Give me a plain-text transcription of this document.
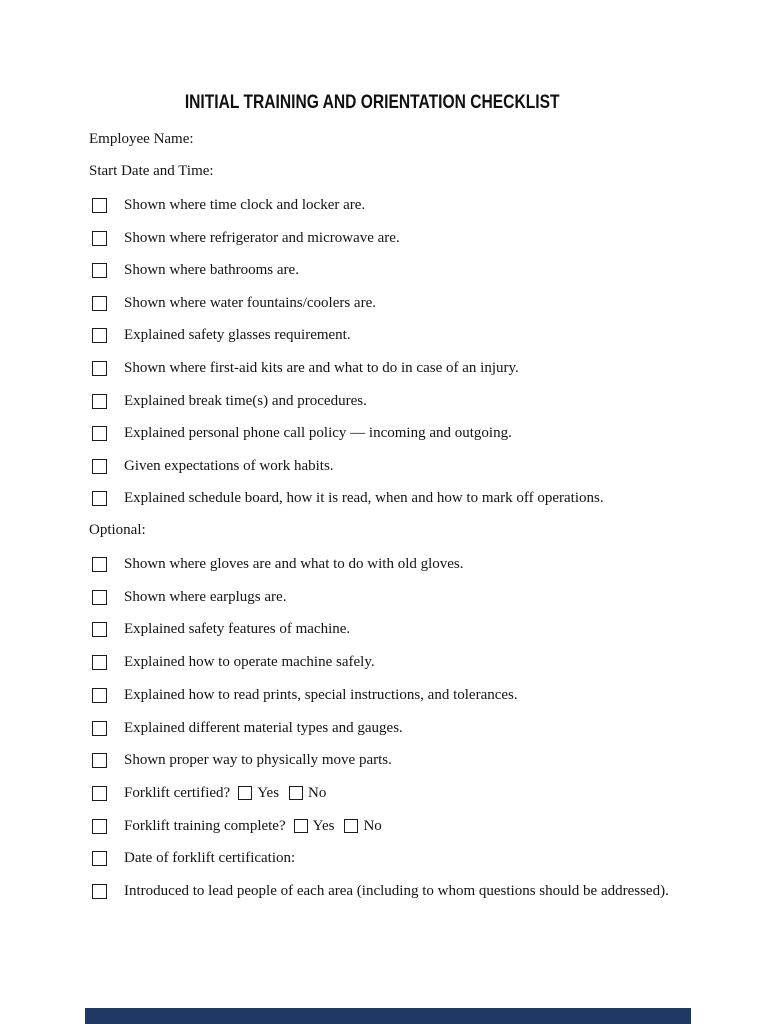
INITIAL TRAINING AND ORIENTATION CHECKLIST
Employee Name:
Start Date and Time:
Optional:
Shown where time clock and locker are.
Shown where refrigerator and microwave are.
Shown where bathrooms are.
Shown where water fountains/coolers are.
Explained safety glasses requirement.
Shown where first-aid kits are and what to do in case of an injury.
Explained break time(s) and procedures.
Explained personal phone call policy — incoming and outgoing.
Given expectations of work habits.
Explained schedule board, how it is read, when and how to mark off operations.
Shown where gloves are and what to do with old gloves.
Shown where earplugs are.
Explained safety features of machine.
Explained how to operate machine safely.
Explained how to read prints, special instructions, and tolerances.
Explained different material types and gauges.
Shown proper way to physically move parts.
Forklift certified? Yes No
Forklift training complete? Yes No
Date of forklift certification:
Introduced to lead people of each area (including to whom questions should be addressed).
